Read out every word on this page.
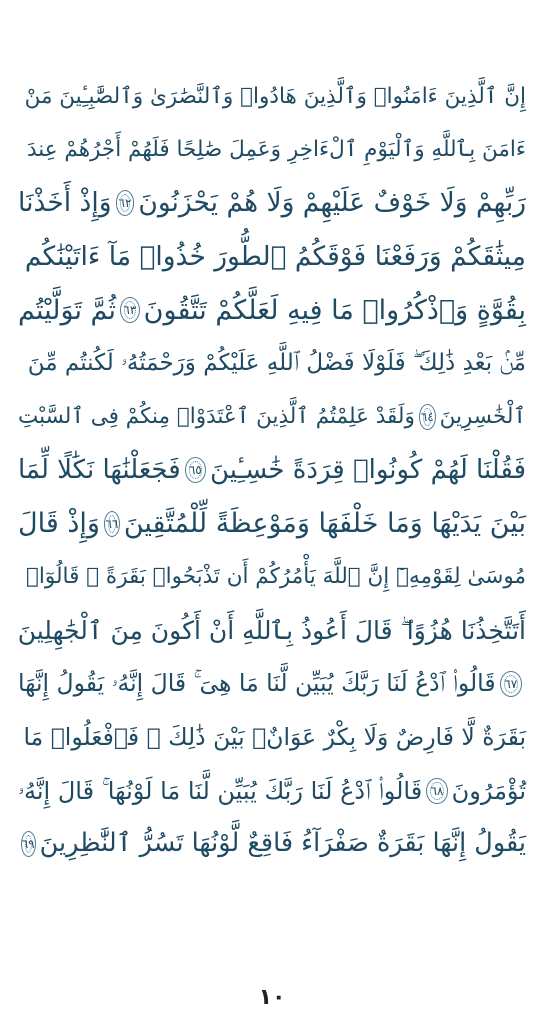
إِنَّ ٱلَّذِينَ ءَامَنُوا۟ وَٱلَّذِينَ هَادُوا۟ وَٱلنَّصَٰرَىٰ وَٱلصَّٰبِـِٔينَ مَنْ
ءَامَنَ بِٱللَّهِ وَٱلْيَوْمِ ٱلْءَاخِرِ وَعَمِلَ صَٰلِحًا فَلَهُمْ أَجْرُهُمْ عِندَ
رَبِّهِمْ وَلَا خَوْفٌ عَلَيْهِمْ وَلَا هُمْ يَحْزَنُونَ
٦٢
وَإِذْ أَخَذْنَا
مِيثَٰقَكُمْ وَرَفَعْنَا فَوْقَكُمُ ٱلطُّورَ خُذُوا۟ مَآ ءَاتَيْنَٰكُم
بِقُوَّةٍ وَٱذْكُرُوا۟ مَا فِيهِ لَعَلَّكُمْ تَتَّقُونَ
٦٣
ثُمَّ تَوَلَّيْتُم
مِّنۢ بَعْدِ ذَٰلِكَ ۖ فَلَوْلَا فَضْلُ ٱللَّهِ عَلَيْكُمْ وَرَحْمَتُهُۥ لَكُنتُم مِّنَ
ٱلْخَٰسِرِينَ
٦٤
وَلَقَدْ عَلِمْتُمُ ٱلَّذِينَ ٱعْتَدَوْا۟ مِنكُمْ فِى ٱلسَّبْتِ
فَقُلْنَا لَهُمْ كُونُوا۟ قِرَدَةً خَٰسِـِٔينَ
٦٥
فَجَعَلْنَٰهَا نَكَٰلًا لِّمَا
بَيْنَ يَدَيْهَا وَمَا خَلْفَهَا وَمَوْعِظَةً لِّلْمُتَّقِينَ
٦٦
وَإِذْ قَالَ
مُوسَىٰ لِقَوْمِهِۦٓ إِنَّ ٱللَّهَ يَأْمُرُكُمْ أَن تَذْبَحُوا۟ بَقَرَةً ۖ قَالُوٓا۟
أَتَتَّخِذُنَا هُزُوًا ۖ قَالَ أَعُوذُ بِٱللَّهِ أَنْ أَكُونَ مِنَ ٱلْجَٰهِلِينَ
٦٧
قَالُوا۟ ٱدْعُ لَنَا رَبَّكَ يُبَيِّن لَّنَا مَا هِىَ ۚ قَالَ إِنَّهُۥ يَقُولُ إِنَّهَا
بَقَرَةٌ لَّا فَارِضٌ وَلَا بِكْرٌ عَوَانٌۢ بَيْنَ ذَٰلِكَ ۖ فَٱفْعَلُوا۟ مَا
تُؤْمَرُونَ
٦٨
قَالُوا۟ ٱدْعُ لَنَا رَبَّكَ يُبَيِّن لَّنَا مَا لَوْنُهَا ۚ قَالَ إِنَّهُۥ
يَقُولُ إِنَّهَا بَقَرَةٌ صَفْرَآءُ فَاقِعٌ لَّوْنُهَا تَسُرُّ ٱلنَّٰظِرِينَ
٦٩
١٠
